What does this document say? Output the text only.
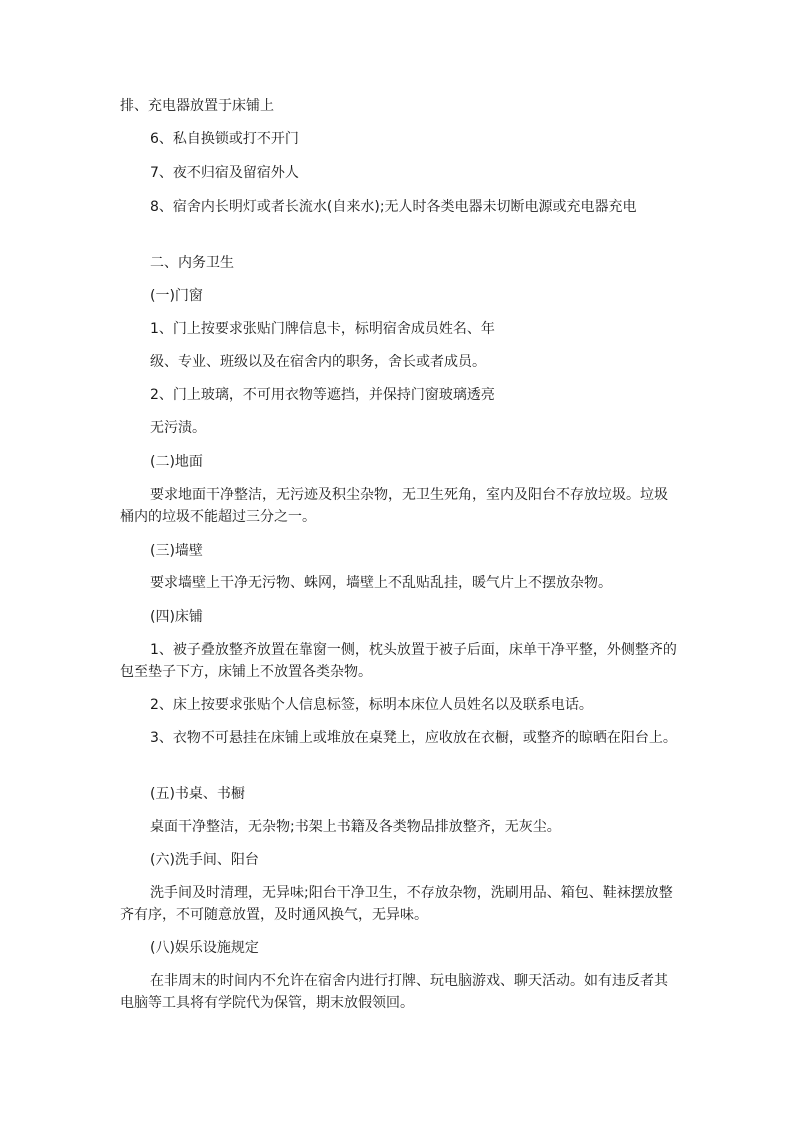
排、充电器放置于床铺上

6、私自换锁或打不开门

7、夜不归宿及留宿外人

8、宿舍内长明灯或者长流水(自来水);无人时各类电器未切断电源或充电器充电

二、内务卫生

(一)门窗

1、门上按要求张贴门牌信息卡，标明宿舍成员姓名、年

级、专业、班级以及在宿舍内的职务，舍长或者成员。

2、门上玻璃，不可用衣物等遮挡，并保持门窗玻璃透亮

无污渍。

(二)地面

要求地面干净整洁，无污迹及积尘杂物，无卫生死角，室内及阳台不存放垃圾。垃圾桶内的垃圾不能超过三分之一。

(三)墙壁

要求墙壁上干净无污物、蛛网，墙壁上不乱贴乱挂，暖气片上不摆放杂物。

(四)床铺

1、被子叠放整齐放置在靠窗一侧，枕头放置于被子后面，床单干净平整，外侧整齐的包至垫子下方，床铺上不放置各类杂物。

2、床上按要求张贴个人信息标签，标明本床位人员姓名以及联系电话。

3、衣物不可悬挂在床铺上或堆放在桌凳上，应收放在衣橱，或整齐的晾晒在阳台上。

(五)书桌、书橱

桌面干净整洁，无杂物;书架上书籍及各类物品排放整齐，无灰尘。

(六)洗手间、阳台

洗手间及时清理，无异味;阳台干净卫生，不存放杂物，洗刷用品、箱包、鞋袜摆放整齐有序，不可随意放置，及时通风换气，无异味。

(八)娱乐设施规定

在非周末的时间内不允许在宿舍内进行打牌、玩电脑游戏、聊天活动。如有违反者其电脑等工具将有学院代为保管，期末放假领回。
